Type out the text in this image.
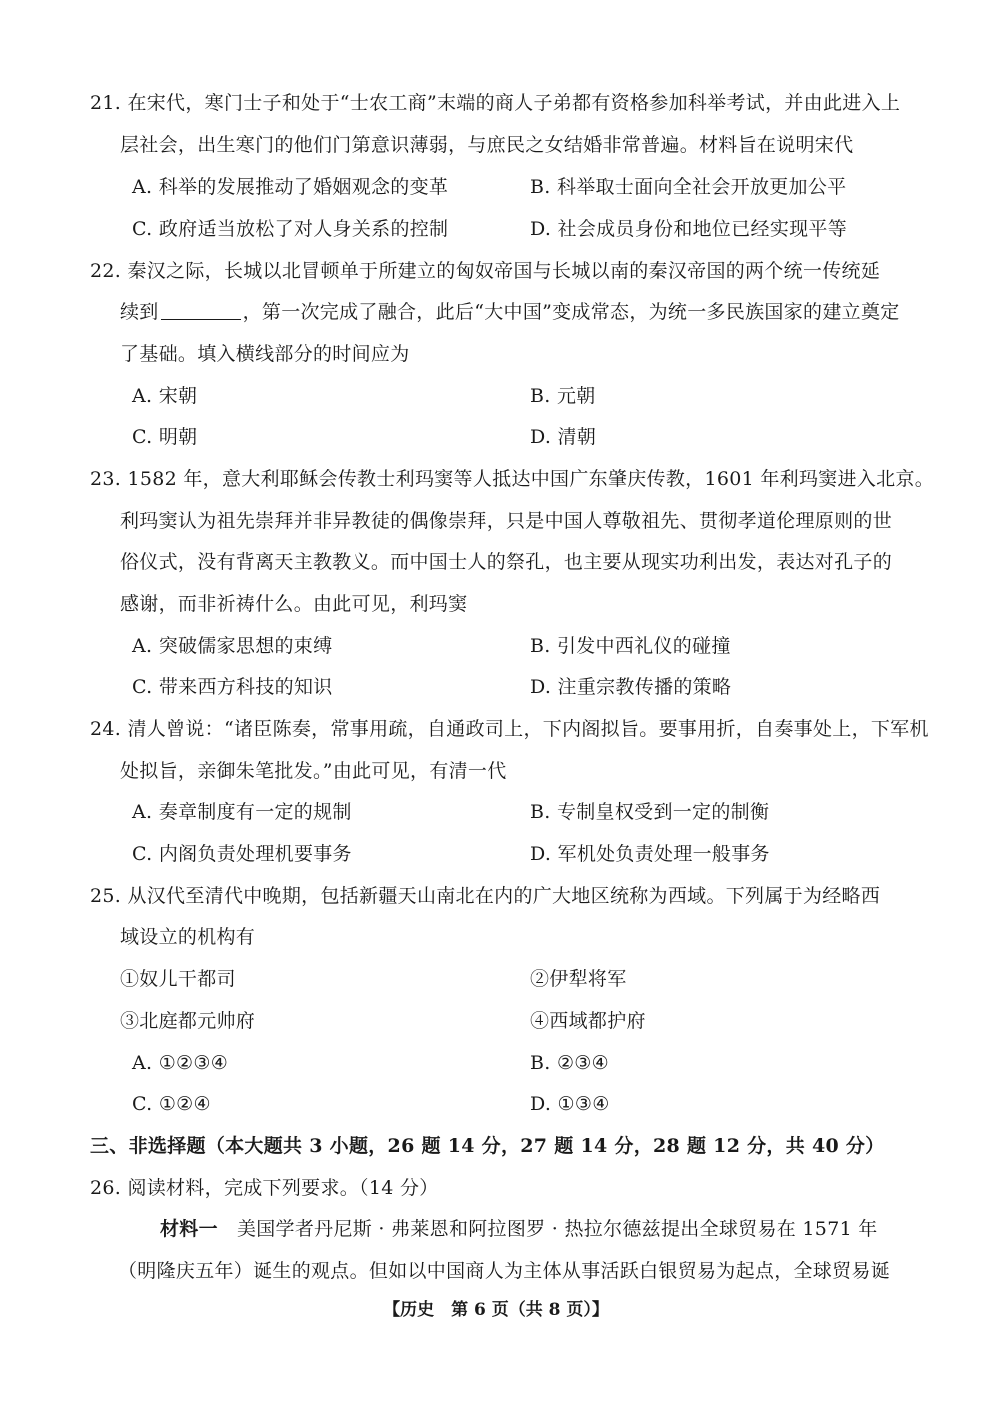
21. 在宋代，寒门士子和处于“士农工商”末端的商人子弟都有资格参加科举考试，并由此进入上
层社会，出生寒门的他们门第意识薄弱，与庶民之女结婚非常普遍。材料旨在说明宋代
A. 科举的发展推动了婚姻观念的变革	B. 科举取士面向全社会开放更加公平
C. 政府适当放松了对人身关系的控制	D. 社会成员身份和地位已经实现平等
22. 秦汉之际，长城以北冒顿单于所建立的匈奴帝国与长城以南的秦汉帝国的两个统一传统延
续到	，第一次完成了融合，此后“大中国”变成常态，为统一多民族国家的建立奠定
了基础。填入横线部分的时间应为
A. 宋朝	B. 元朝
C. 明朝	D. 清朝
23. 1582 年，意大利耶稣会传教士利玛窦等人抵达中国广东肇庆传教，1601 年利玛窦进入北京。
利玛窦认为祖先崇拜并非异教徒的偶像崇拜，只是中国人尊敬祖先、贯彻孝道伦理原则的世
俗仪式，没有背离天主教教义。而中国士人的祭孔，也主要从现实功利出发，表达对孔子的
感谢，而非祈祷什么。由此可见，利玛窦
A. 突破儒家思想的束缚	B. 引发中西礼仪的碰撞
C. 带来西方科技的知识	D. 注重宗教传播的策略
24. 清人曾说：“诸臣陈奏，常事用疏，自通政司上，下内阁拟旨。要事用折，自奏事处上，下军机
处拟旨，亲御朱笔批发。”由此可见，有清一代
A. 奏章制度有一定的规制	B. 专制皇权受到一定的制衡
C. 内阁负责处理机要事务	D. 军机处负责处理一般事务
25. 从汉代至清代中晚期，包括新疆天山南北在内的广大地区统称为西域。下列属于为经略西
域设立的机构有
①奴儿干都司	②伊犁将军
③北庭都元帅府	④西域都护府
A. ①②③④	B. ②③④
C. ①②④	D. ①③④
三、非选择题（本大题共 3 小题，26 题 14 分，27 题 14 分，28 题 12 分，共 40 分）
26. 阅读材料，完成下列要求。（14 分）
材料一 美国学者丹尼斯 · 弗莱恩和阿拉图罗 · 热拉尔德兹提出全球贸易在 1571 年
（明隆庆五年）诞生的观点。但如以中国商人为主体从事活跃白银贸易为起点，全球贸易诞
【历史　第 6 页（共 8 页）】
